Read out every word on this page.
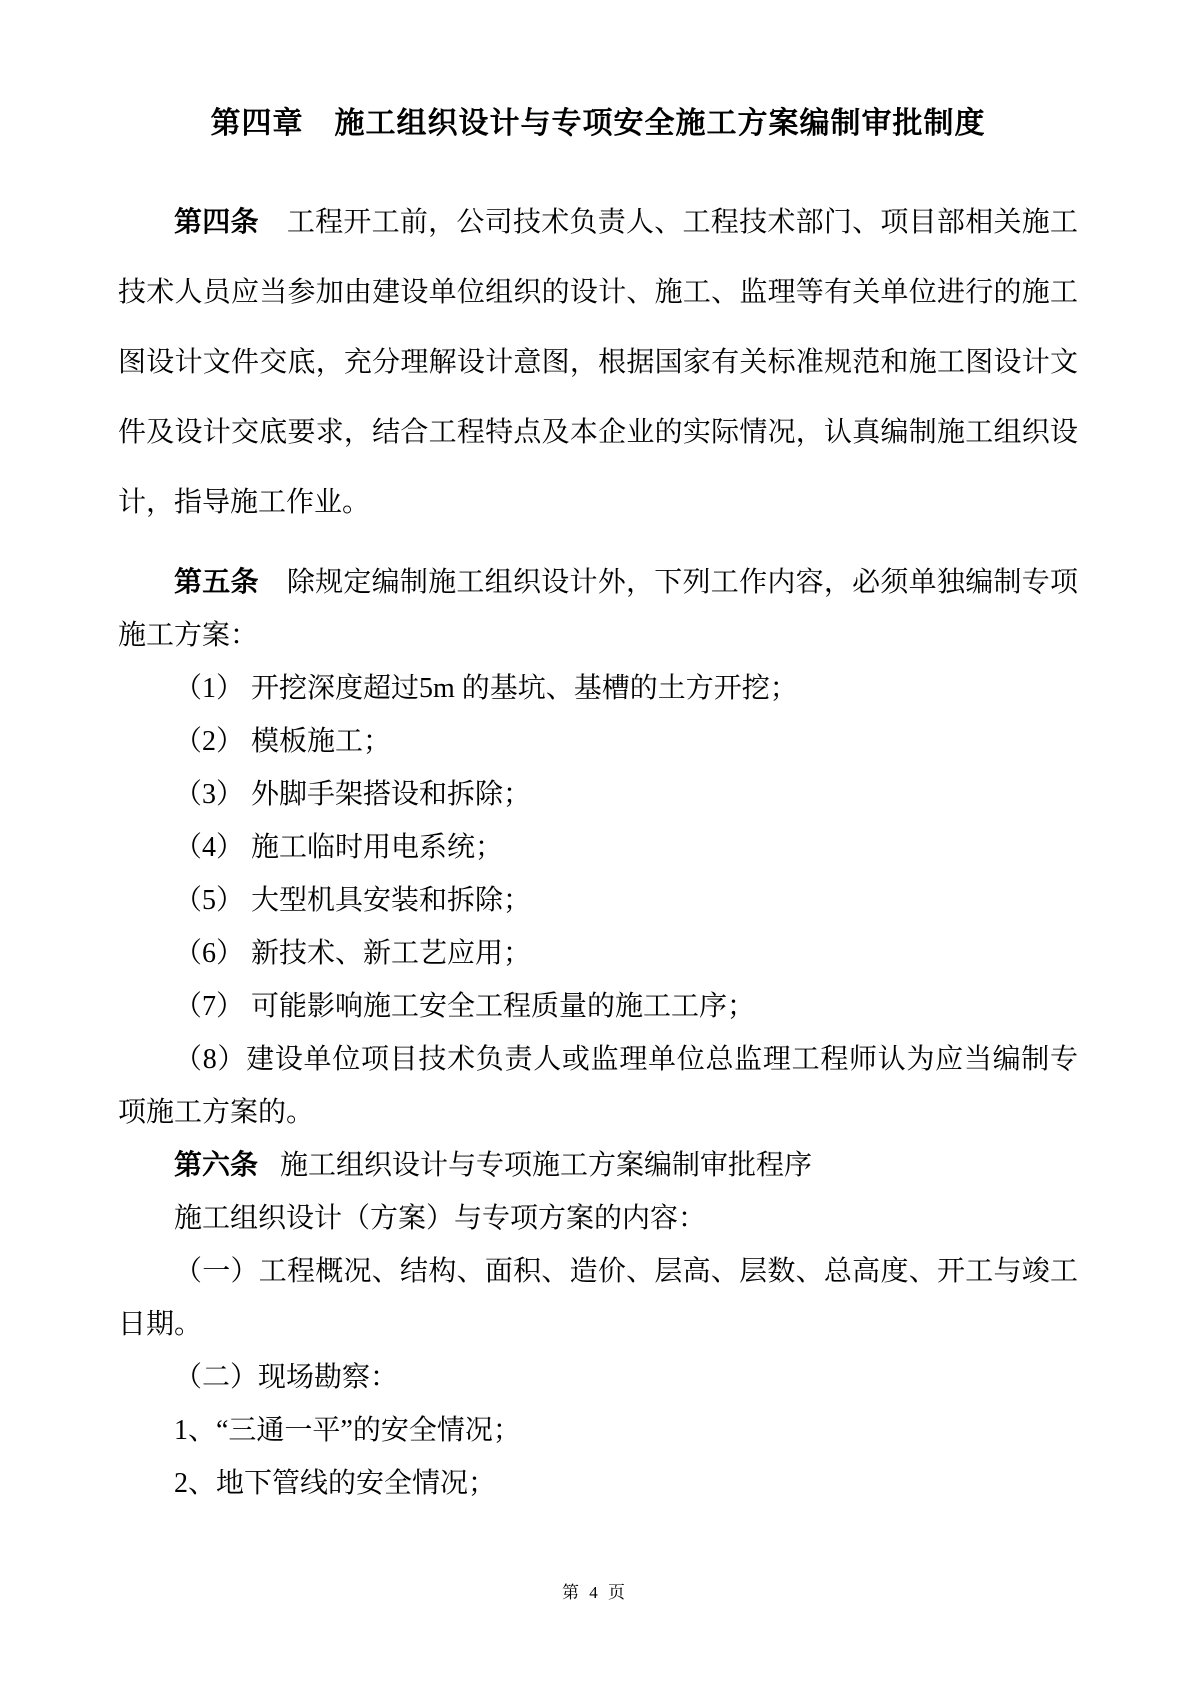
第四章　施工组织设计与专项安全施工方案编制审批制度

第四条 工程开工前，公司技术负责人、工程技术部门、项目部相关施工技术人员应当参加由建设单位组织的设计、施工、监理等有关单位进行的施工图设计文件交底，充分理解设计意图，根据国家有关标准规范和施工图设计文件及设计交底要求，结合工程特点及本企业的实际情况，认真编制施工组织设计，指导施工作业。

第五条 除规定编制施工组织设计外，下列工作内容，必须单独编制专项施工方案：

（1） 开挖深度超过5m 的基坑、基槽的土方开挖；

（2） 模板施工；

（3） 外脚手架搭设和拆除；

（4） 施工临时用电系统；

（5） 大型机具安装和拆除；

（6） 新技术、新工艺应用；

（7） 可能影响施工安全工程质量的施工工序；

（8）建设单位项目技术负责人或监理单位总监理工程师认为应当编制专项施工方案的。

第六条 施工组织设计与专项施工方案编制审批程序

施工组织设计（方案）与专项方案的内容：

（一）工程概况、结构、面积、造价、层高、层数、总高度、开工与竣工日期。

（二）现场勘察：

1、“三通一平”的安全情况；

2、地下管线的安全情况；

第 4 页
